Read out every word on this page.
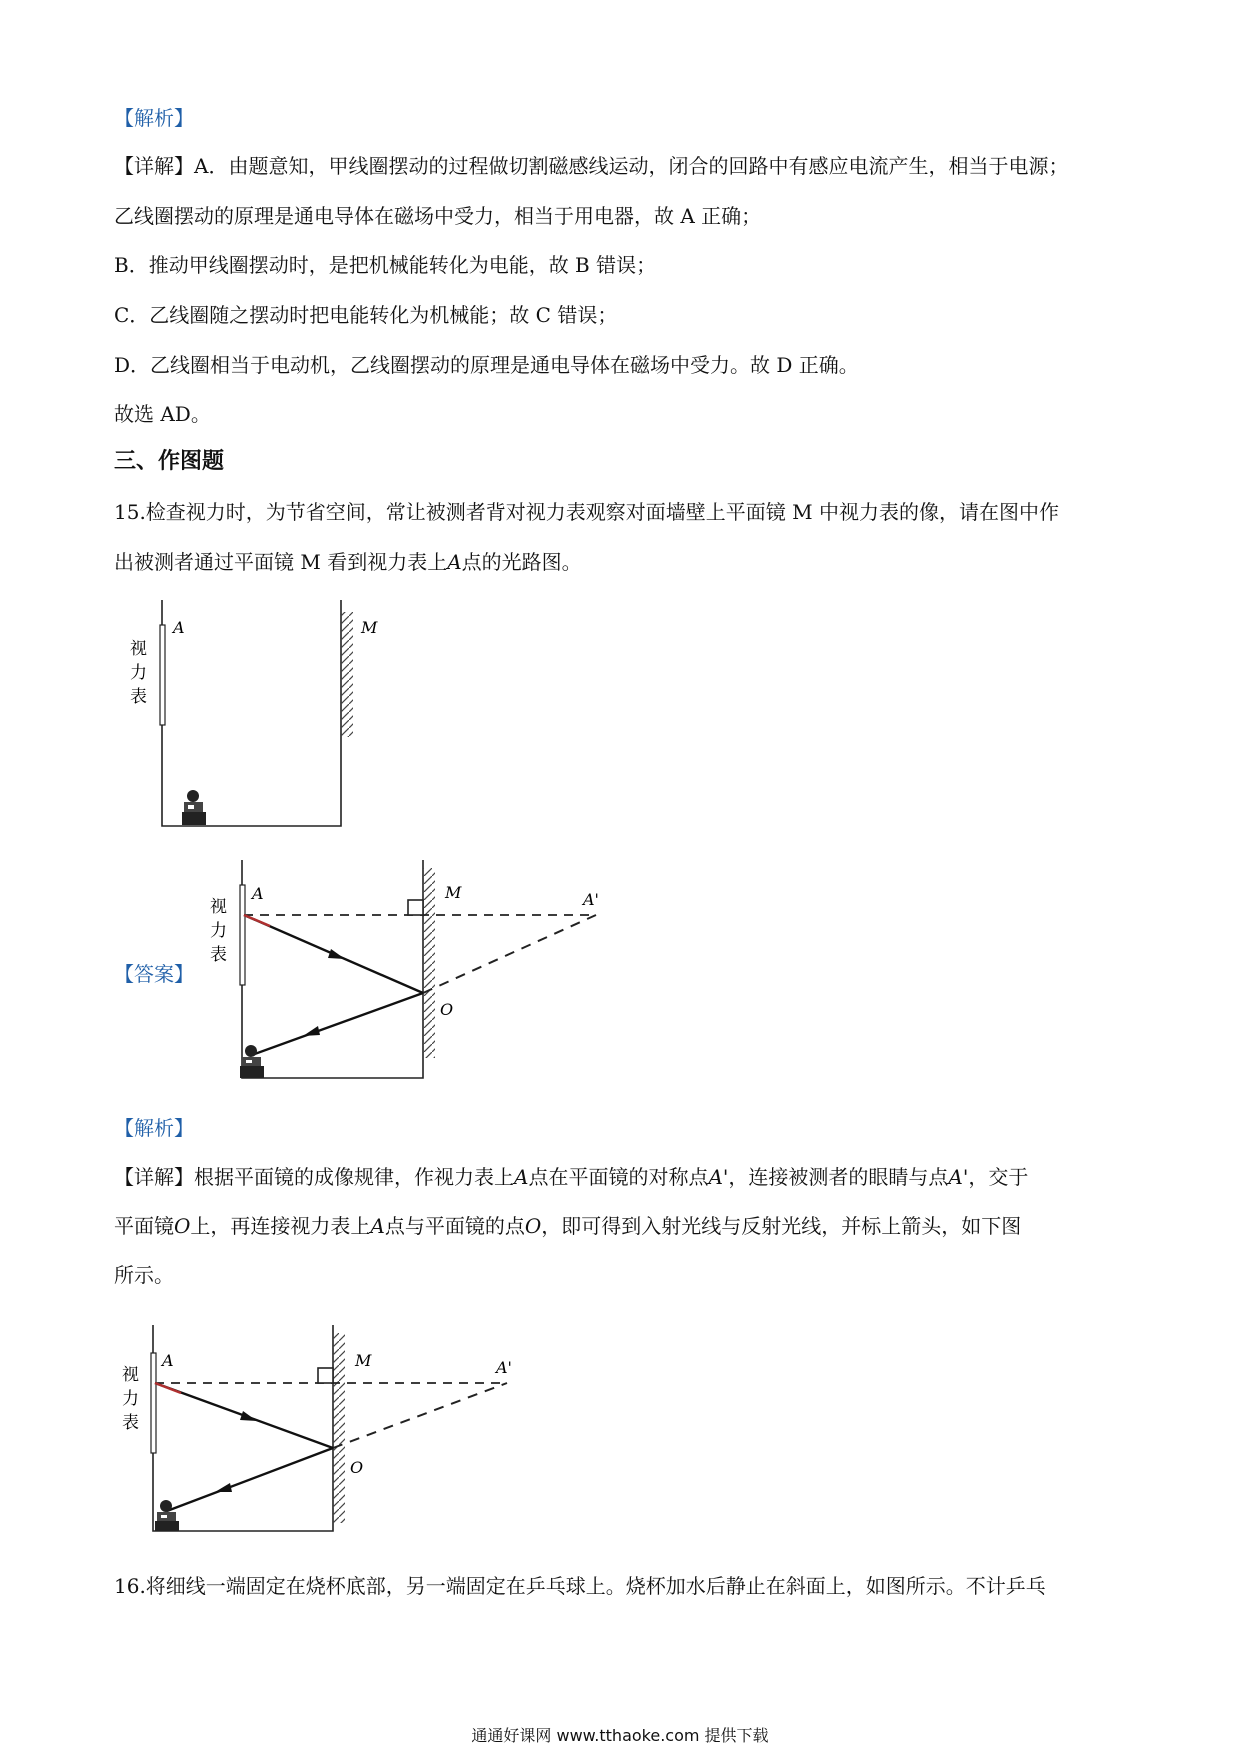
【解析】
【详解】A．由题意知，甲线圈摆动的过程做切割磁感线运动，闭合的回路中有感应电流产生，相当于电源；
乙线圈摆动的原理是通电导体在磁场中受力，相当于用电器，故 A 正确；
B．推动甲线圈摆动时，是把机械能转化为电能，故 B 错误；
C．乙线圈随之摆动时把电能转化为机械能；故 C 错误；
D．乙线圈相当于电动机，乙线圈摆动的原理是通电导体在磁场中受力。故 D 正确。
故选 AD。
三、作图题
15.检查视力时，为节省空间，常让被测者背对视力表观察对面墙壁上平面镜 M 中视力表的像，请在图中作
出被测者通过平面镜 M 看到视力表上A点的光路图。
A	M
视力表
【答案】
A	M	A'
O
视力表
【解析】
【详解】根据平面镜的成像规律，作视力表上A点在平面镜的对称点A'，连接被测者的眼睛与点A'，交于
平面镜O上，再连接视力表上A点与平面镜的点O，即可得到入射光线与反射光线，并标上箭头，如下图
所示。
A	M	A'
O
视力表
16.将细线一端固定在烧杯底部，另一端固定在乒乓球上。烧杯加水后静止在斜面上，如图所示。不计乒乓
通通好课网 www.tthaoke.com 提供下载
